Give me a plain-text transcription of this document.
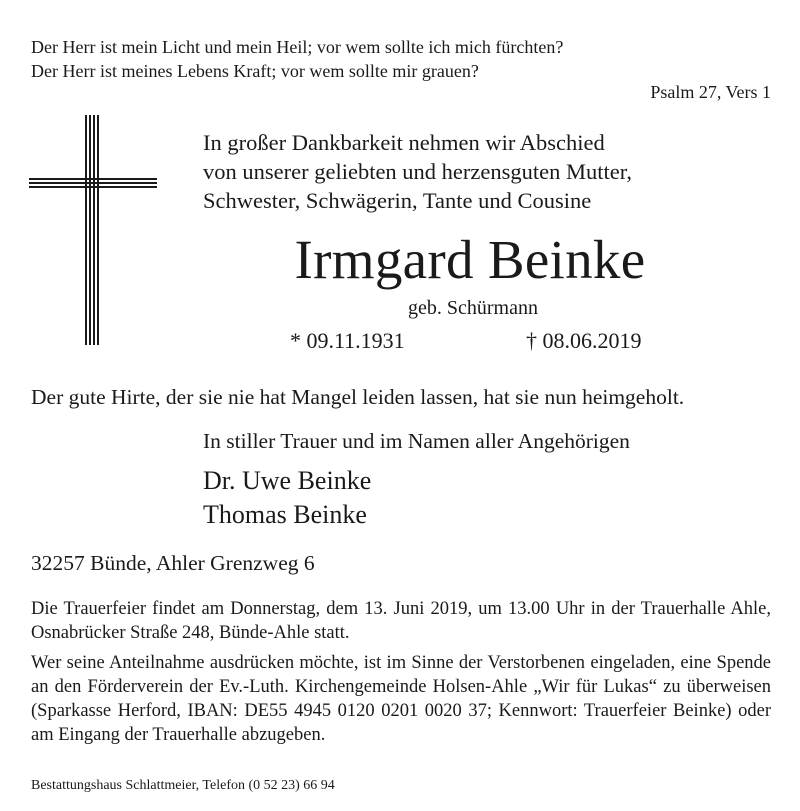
Der Herr ist mein Licht und mein Heil; vor wem sollte ich mich fürchten?
Der Herr ist meines Lebens Kraft; vor wem sollte mir grauen?
Psalm 27, Vers 1
In großer Dankbarkeit nehmen wir Abschied
von unserer geliebten und herzensguten Mutter,
Schwester, Schwägerin, Tante und Cousine
Irmgard Beinke
geb. Schürmann
* 09.11.1931	† 08.06.2019
Der gute Hirte, der sie nie hat Mangel leiden lassen, hat sie nun heimgeholt.
In stiller Trauer und im Namen aller Angehörigen
Dr. Uwe Beinke
Thomas Beinke
32257 Bünde, Ahler Grenzweg 6
Die Trauerfeier findet am Donnerstag, dem 13. Juni 2019, um 13.00 Uhr in der Trauerhalle Ahle, Osnabrücker Straße 248, Bünde-Ahle statt.
Wer seine Anteilnahme ausdrücken möchte, ist im Sinne der Verstorbenen eingeladen, eine Spende an den Förderverein der Ev.-Luth. Kirchengemeinde Holsen-Ahle „Wir für Lukas“ zu überweisen (Sparkasse Herford, IBAN: DE55 4945 0120 0201 0020 37; Kennwort: Trauerfeier Beinke) oder am Eingang der Trauerhalle abzugeben.
Bestattungshaus Schlattmeier, Telefon (0 52 23) 66 94
